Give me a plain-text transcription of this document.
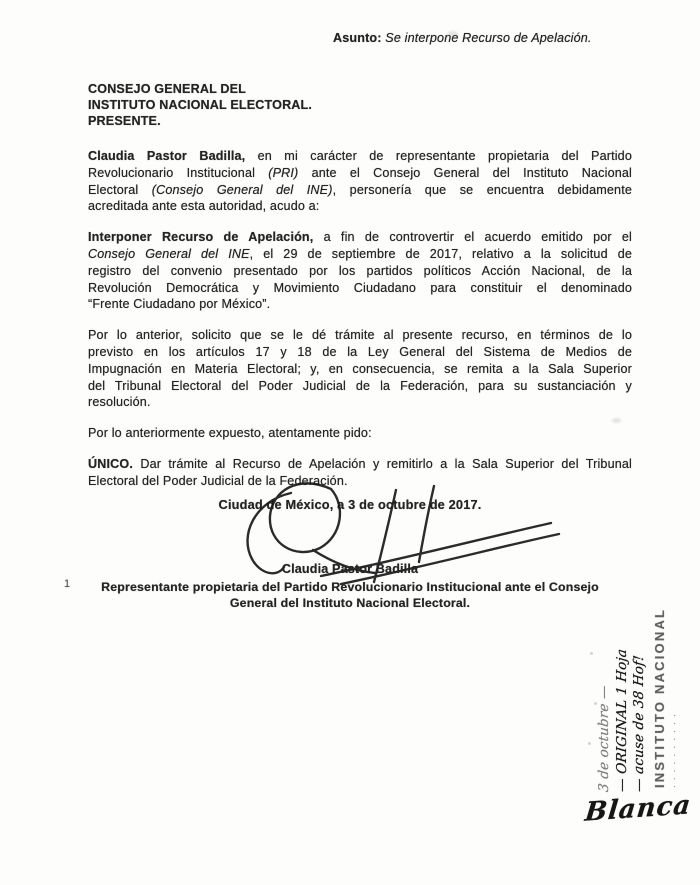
Asunto: Se interpone Recurso de Apelación.
CONSEJO GENERAL DEL
INSTITUTO NACIONAL ELECTORAL.
PRESENTE.
Claudia Pastor Badilla, en mi carácter de representante propietaria del Partido
Revolucionario Institucional (PRI) ante el Consejo General del Instituto Nacional
Electoral (Consejo General del INE), personería que se encuentra debidamente
acreditada ante esta autoridad, acudo a:
Interponer Recurso de Apelación, a fin de controvertir el acuerdo emitido por el
Consejo General del INE, el 29 de septiembre de 2017, relativo a la solicitud de
registro del convenio presentado por los partidos políticos Acción Nacional, de la
Revolución Democrática y Movimiento Ciudadano para constituir el denominado
“Frente Ciudadano por México”.
Por lo anterior, solicito que se le dé trámite al presente recurso, en términos de lo
previsto en los artículos 17 y 18 de la Ley General del Sistema de Medios de
Impugnación en Materia Electoral; y, en consecuencia, se remita a la Sala Superior
del Tribunal Electoral del Poder Judicial de la Federación, para su sustanciación y
resolución.
Por lo anteriormente expuesto, atentamente pido:
ÚNICO. Dar trámite al Recurso de Apelación y remitirlo a la Sala Superior del Tribunal
Electoral del Poder Judicial de la Federación.
Ciudad de México, a 3 de octubre de 2017.
Claudia Pastor Badilla
Representante propietaria del Partido Revolucionario Institucional ante el Consejo
General del Instituto Nacional Electoral.
3 de octubre — — ORIGINAL 1 Hoja — acuse de 38 Hof! INSTITUTO NACIONAL · · · · · · · · · ·
Blanca
1
